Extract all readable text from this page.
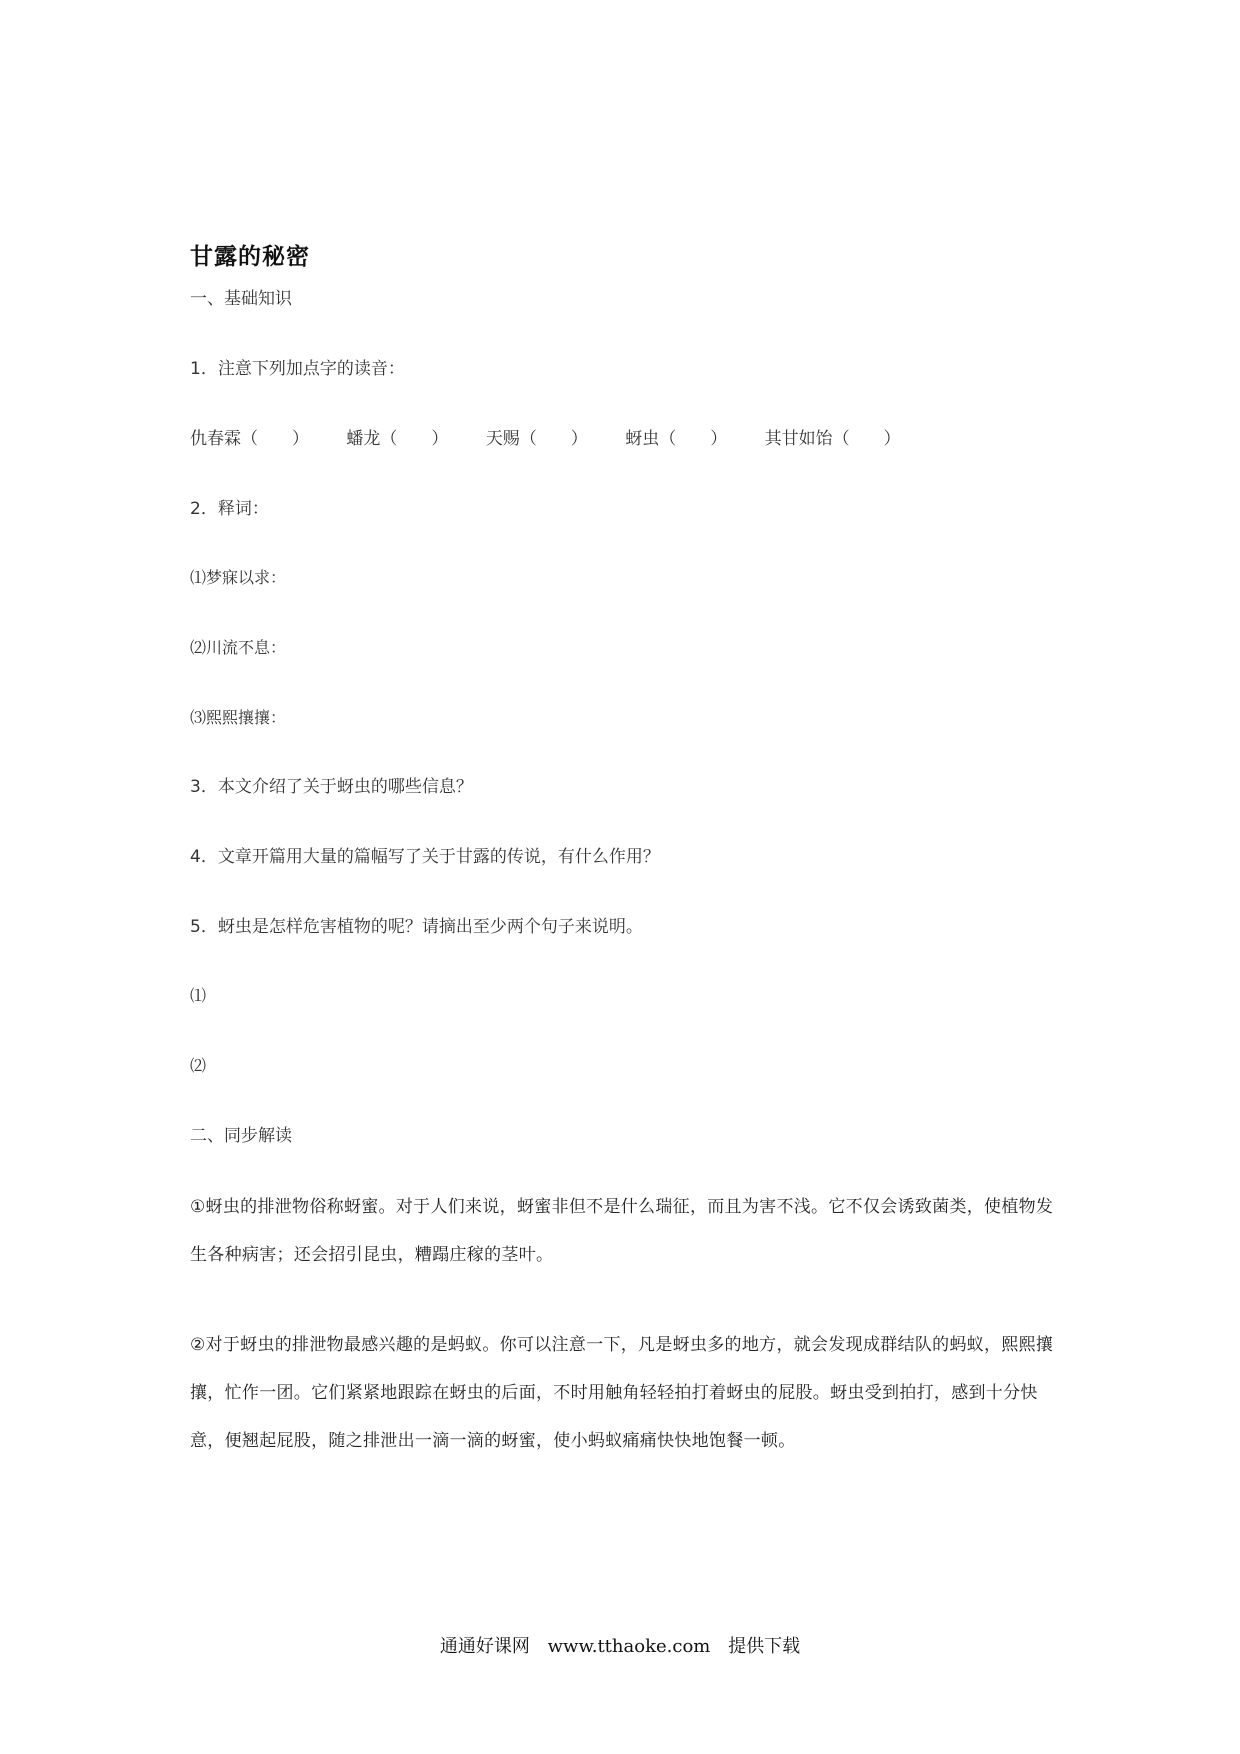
甘露的秘密
一、基础知识
1．注意下列加点字的读音：
仇春霖（　　） 蟠龙（　　） 天赐（　　） 蚜虫（　　） 其甘如饴（　　）
2．释词：
⑴梦寐以求：
⑵川流不息：
⑶熙熙攘攘：
3．本文介绍了关于蚜虫的哪些信息？
4．文章开篇用大量的篇幅写了关于甘露的传说，有什么作用？
5．蚜虫是怎样危害植物的呢？请摘出至少两个句子来说明。
⑴
⑵
二、同步解读
①蚜虫的排泄物俗称蚜蜜。对于人们来说，蚜蜜非但不是什么瑞征，而且为害不浅。它不仅会诱致菌类，使植物发生各种病害；还会招引昆虫，糟蹋庄稼的茎叶。
②对于蚜虫的排泄物最感兴趣的是蚂蚁。你可以注意一下，凡是蚜虫多的地方，就会发现成群结队的蚂蚁，熙熙攘攘，忙作一团。它们紧紧地跟踪在蚜虫的后面，不时用触角轻轻拍打着蚜虫的屁股。蚜虫受到拍打，感到十分快意，便翘起屁股，随之排泄出一滴一滴的蚜蜜，使小蚂蚁痛痛快快地饱餐一顿。
通通好课网 www.tthaoke.com 提供下载
